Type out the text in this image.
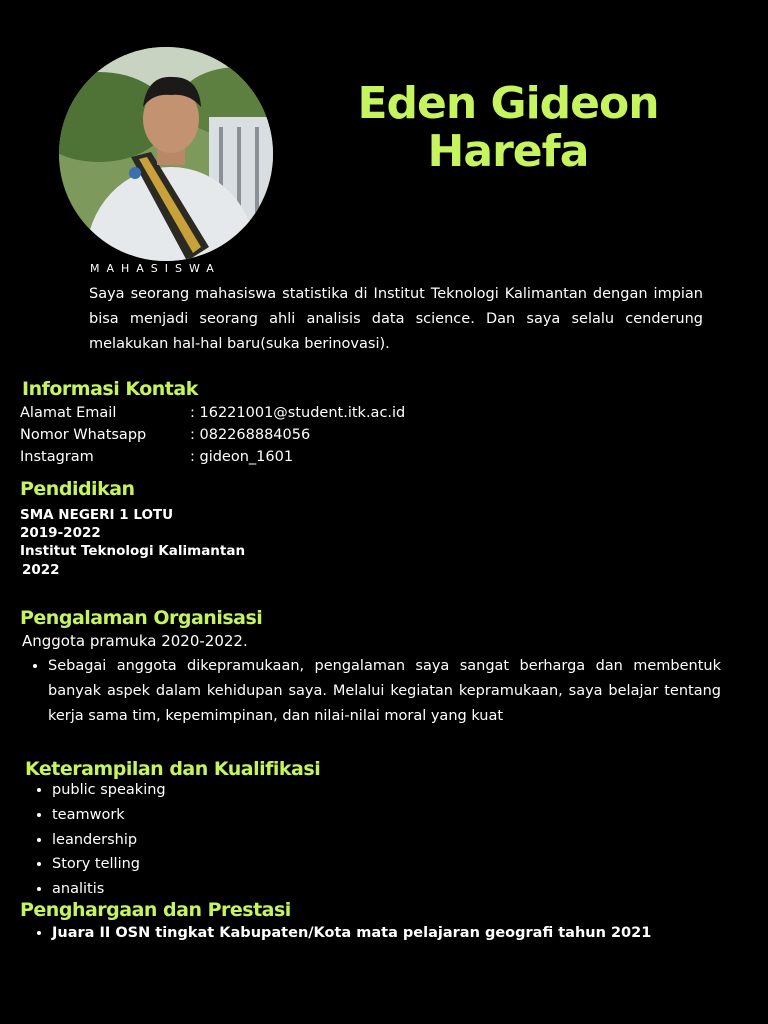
Eden Gideon
Harefa
MAHASISWA
Saya seorang mahasiswa statistika di Institut Teknologi Kalimantan dengan impian bisa menjadi seorang ahli analisis data science. Dan saya selalu cenderung melakukan hal-hal baru(suka berinovasi).
Informasi Kontak
Alamat Email	: 16221001@student.itk.ac.id
Nomor Whatsapp	: 082268884056
Instagram	: gideon_1601
Pendidikan
SMA NEGERI 1 LOTU
2019-2022
Institut Teknologi Kalimantan
2022
Pengalaman Organisasi
Anggota pramuka 2020-2022.
• Sebagai anggota dikepramukaan, pengalaman saya sangat berharga dan membentuk banyak aspek dalam kehidupan saya. Melalui kegiatan kepramukaan, saya belajar tentang kerja sama tim, kepemimpinan, dan nilai-nilai moral yang kuat
Keterampilan dan Kualifikasi
• public speaking
• teamwork
• leandership
• Story telling
• analitis
Penghargaan dan Prestasi
• Juara II OSN tingkat Kabupaten/Kota mata pelajaran geografi tahun 2021
